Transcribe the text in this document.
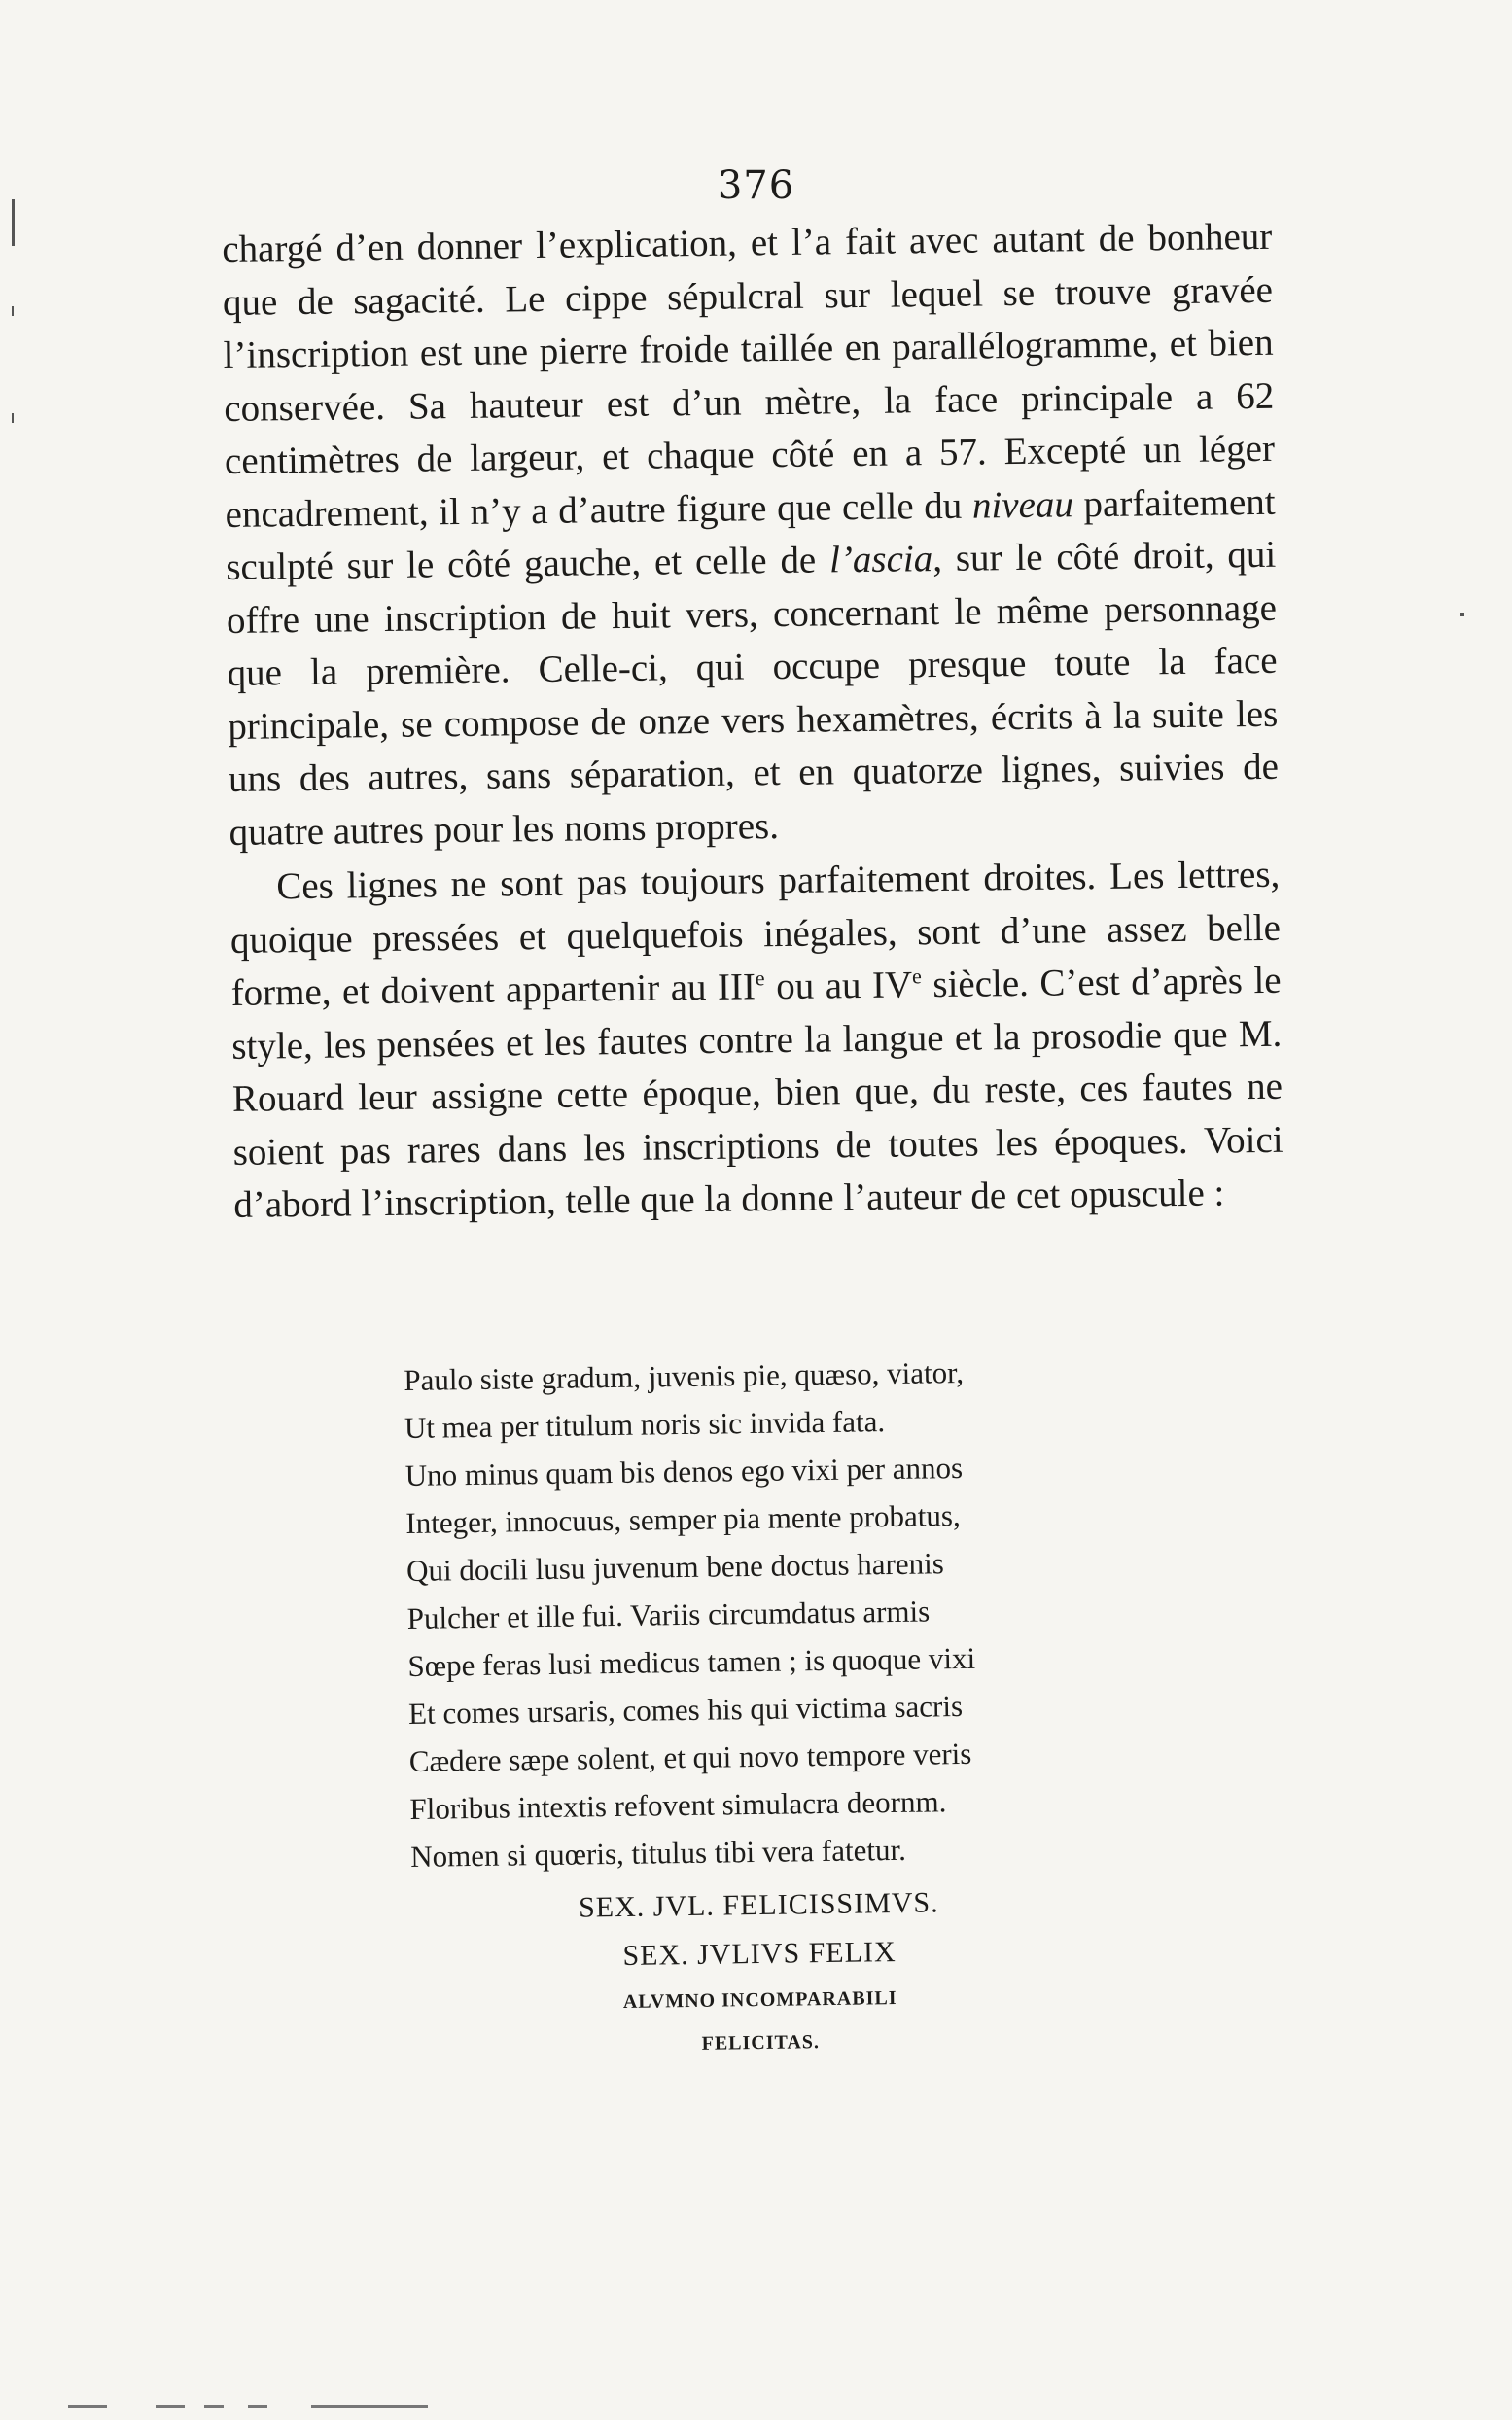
376

chargé d’en donner l’explication, et l’a fait avec autant de bonheur que de sagacité. Le cippe sépulcral sur lequel se trouve gravée l’inscription est une pierre froide taillée en parallélogramme, et bien conservée. Sa hauteur est d’un mètre, la face principale a 62 centimètres de largeur, et chaque côté en a 57. Excepté un léger encadrement, il n’y a d’autre figure que celle du niveau parfaitement sculpté sur le côté gauche, et celle de l’ascia, sur le côté droit, qui offre une inscription de huit vers, concernant le même personnage que la première. Celle-ci, qui occupe presque toute la face principale, se compose de onze vers hexamètres, écrits à la suite les uns des autres, sans séparation, et en quatorze lignes, suivies de quatre autres pour les noms propres.

Ces lignes ne sont pas toujours parfaitement droites. Les lettres, quoique pressées et quelquefois inégales, sont d’une assez belle forme, et doivent appartenir au IIIe ou au IVe siècle. C’est d’après le style, les pensées et les fautes contre la langue et la prosodie que M. Rouard leur assigne cette époque, bien que, du reste, ces fautes ne soient pas rares dans les inscriptions de toutes les époques. Voici d’abord l’inscription, telle que la donne l’auteur de cet opuscule :

Paulo siste gradum, juvenis pie, quæso, viator,
Ut mea per titulum noris sic invida fata.
Uno minus quam bis denos ego vixi per annos
Integer, innocuus, semper pia mente probatus,
Qui docili lusu juvenum bene doctus harenis
Pulcher et ille fui. Variis circumdatus armis
Sœpe feras lusi medicus tamen ; is quoque vixi
Et comes ursaris, comes his qui victima sacris
Cædere sæpe solent, et qui novo tempore veris
Floribus intextis refovent simulacra deornm.
Nomen si quœris, titulus tibi vera fatetur.
SEX. JVL. FELICISSIMVS.
SEX. JVLIVS FELIX
ALVMNO INCOMPARABILI
FELICITAS.
